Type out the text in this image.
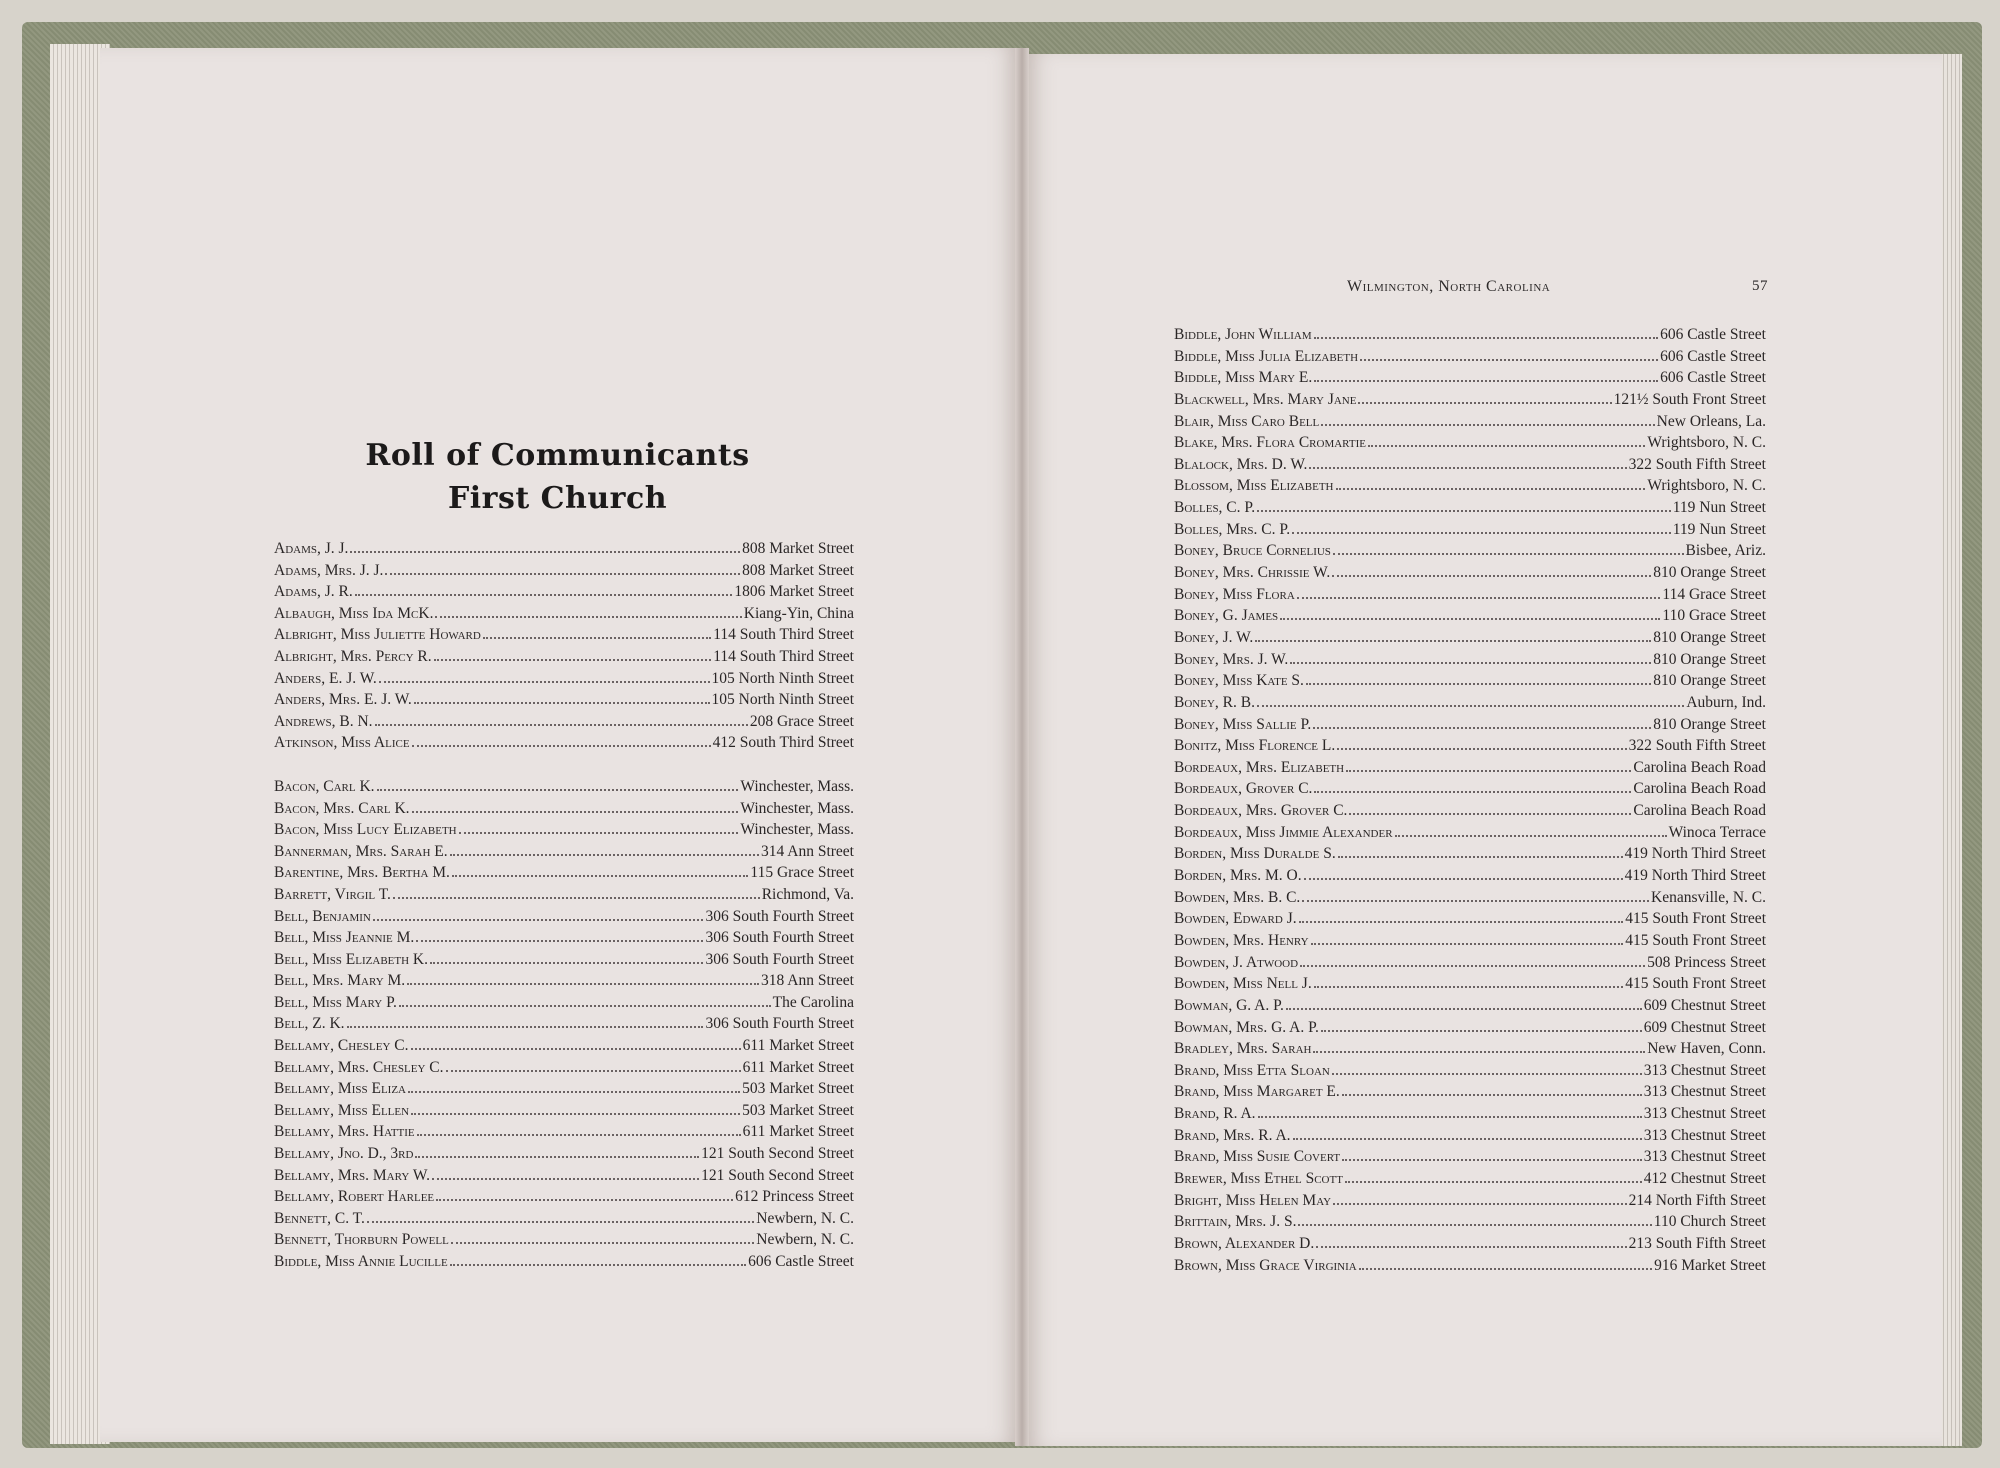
Roll of Communicants
First Church
Adams, J. J.	808 Market Street
Adams, Mrs. J. J.	808 Market Street
Adams, J. R.	1806 Market Street
Albaugh, Miss Ida McK.	Kiang-Yin, China
Albright, Miss Juliette Howard	114 South Third Street
Albright, Mrs. Percy R.	114 South Third Street
Anders, E. J. W.	105 North Ninth Street
Anders, Mrs. E. J. W.	105 North Ninth Street
Andrews, B. N.	208 Grace Street
Atkinson, Miss Alice	412 South Third Street
Bacon, Carl K.	Winchester, Mass.
Bacon, Mrs. Carl K.	Winchester, Mass.
Bacon, Miss Lucy Elizabeth	Winchester, Mass.
Bannerman, Mrs. Sarah E.	314 Ann Street
Barentine, Mrs. Bertha M.	115 Grace Street
Barrett, Virgil T.	Richmond, Va.
Bell, Benjamin	306 South Fourth Street
Bell, Miss Jeannie M.	306 South Fourth Street
Bell, Miss Elizabeth K.	306 South Fourth Street
Bell, Mrs. Mary M.	318 Ann Street
Bell, Miss Mary P.	The Carolina
Bell, Z. K.	306 South Fourth Street
Bellamy, Chesley C.	611 Market Street
Bellamy, Mrs. Chesley C.	611 Market Street
Bellamy, Miss Eliza	503 Market Street
Bellamy, Miss Ellen	503 Market Street
Bellamy, Mrs. Hattie	611 Market Street
Bellamy, Jno. D., 3rd	121 South Second Street
Bellamy, Mrs. Mary W.	121 South Second Street
Bellamy, Robert Harlee	612 Princess Street
Bennett, C. T.	Newbern, N. C.
Bennett, Thorburn Powell	Newbern, N. C.
Biddle, Miss Annie Lucille	606 Castle Street
Wilmington, North Carolina	57
Biddle, John William	606 Castle Street
Biddle, Miss Julia Elizabeth	606 Castle Street
Biddle, Miss Mary E.	606 Castle Street
Blackwell, Mrs. Mary Jane	121½ South Front Street
Blair, Miss Caro Bell	New Orleans, La.
Blake, Mrs. Flora Cromartie	Wrightsboro, N. C.
Blalock, Mrs. D. W.	322 South Fifth Street
Blossom, Miss Elizabeth	Wrightsboro, N. C.
Bolles, C. P.	119 Nun Street
Bolles, Mrs. C. P.	119 Nun Street
Boney, Bruce Cornelius	Bisbee, Ariz.
Boney, Mrs. Chrissie W.	810 Orange Street
Boney, Miss Flora	114 Grace Street
Boney, G. James	110 Grace Street
Boney, J. W.	810 Orange Street
Boney, Mrs. J. W.	810 Orange Street
Boney, Miss Kate S.	810 Orange Street
Boney, R. B.	Auburn, Ind.
Boney, Miss Sallie P.	810 Orange Street
Bonitz, Miss Florence L.	322 South Fifth Street
Bordeaux, Mrs. Elizabeth	Carolina Beach Road
Bordeaux, Grover C.	Carolina Beach Road
Bordeaux, Mrs. Grover C.	Carolina Beach Road
Bordeaux, Miss Jimmie Alexander	Winoca Terrace
Borden, Miss Duralde S.	419 North Third Street
Borden, Mrs. M. O.	419 North Third Street
Bowden, Mrs. B. C.	Kenansville, N. C.
Bowden, Edward J.	415 South Front Street
Bowden, Mrs. Henry	415 South Front Street
Bowden, J. Atwood	508 Princess Street
Bowden, Miss Nell J.	415 South Front Street
Bowman, G. A. P.	609 Chestnut Street
Bowman, Mrs. G. A. P.	609 Chestnut Street
Bradley, Mrs. Sarah	New Haven, Conn.
Brand, Miss Etta Sloan	313 Chestnut Street
Brand, Miss Margaret E.	313 Chestnut Street
Brand, R. A.	313 Chestnut Street
Brand, Mrs. R. A.	313 Chestnut Street
Brand, Miss Susie Covert	313 Chestnut Street
Brewer, Miss Ethel Scott	412 Chestnut Street
Bright, Miss Helen May	214 North Fifth Street
Brittain, Mrs. J. S.	110 Church Street
Brown, Alexander D.	213 South Fifth Street
Brown, Miss Grace Virginia	916 Market Street
